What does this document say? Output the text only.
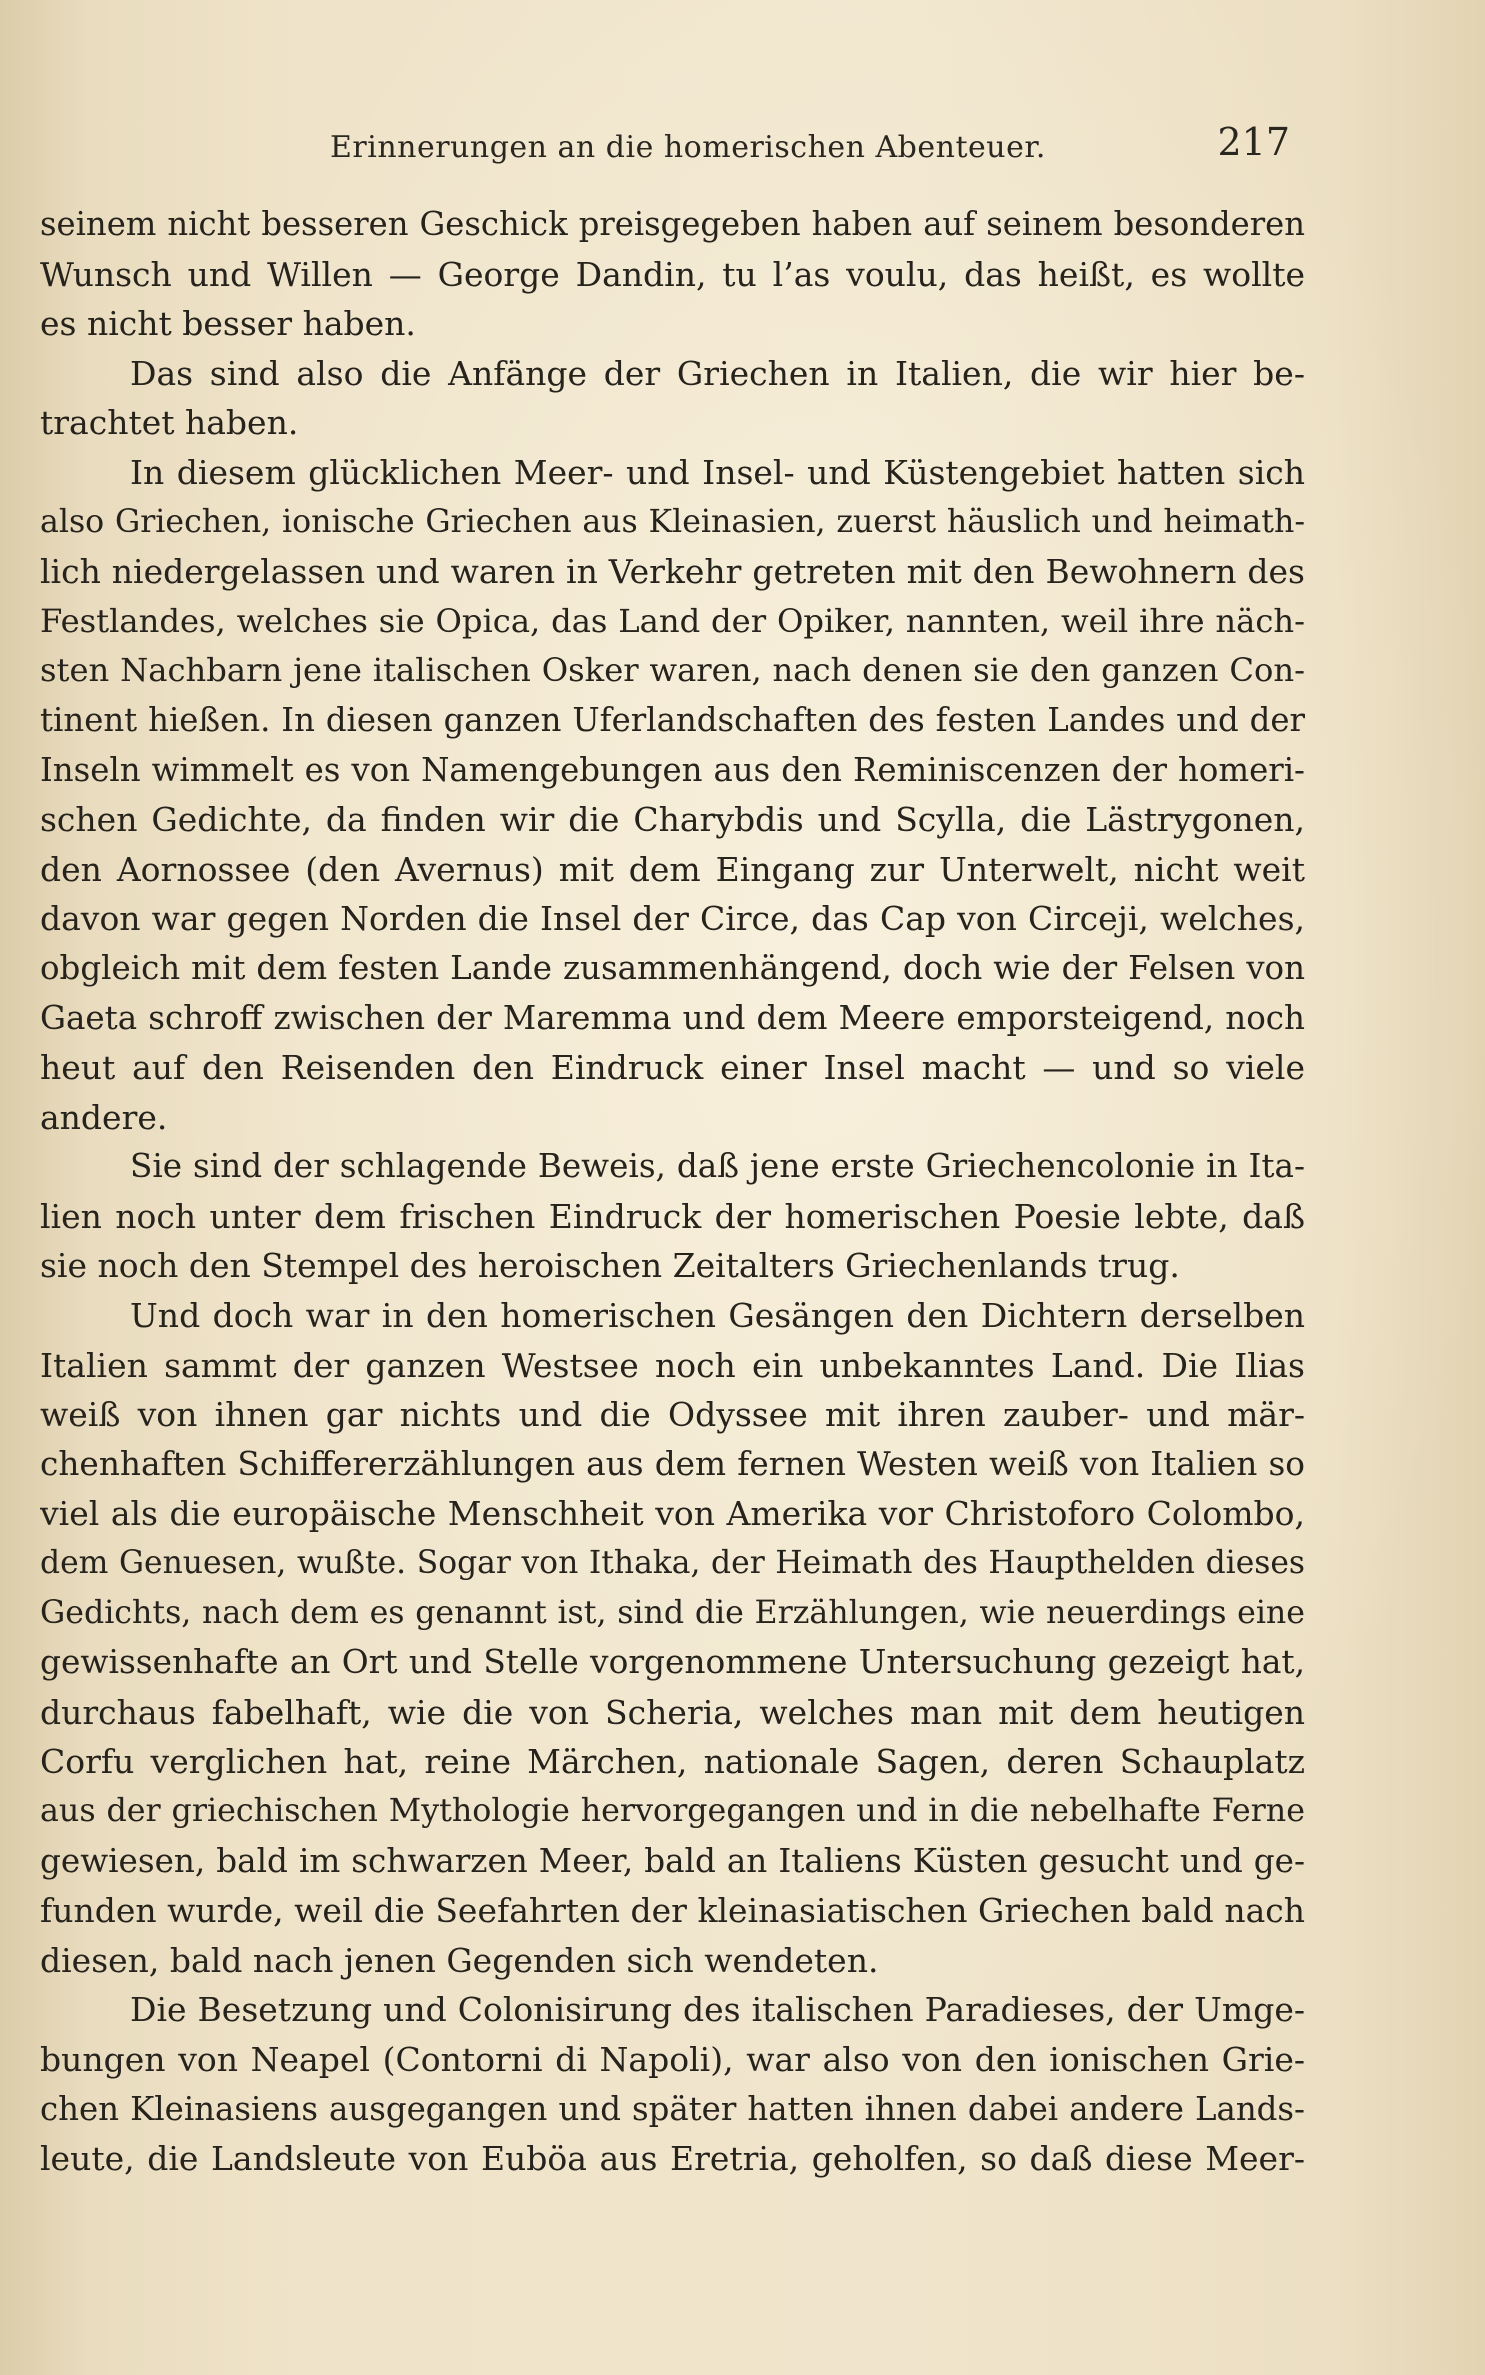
Erinnerungen an die homerischen Abenteuer.	217
seinem nicht besseren Geschick preisgegeben haben auf seinem besonderen
Wunsch und Willen — George Dandin, tu l’as voulu, das heißt, es wollte
es nicht besser haben.
Das sind also die Anfänge der Griechen in Italien, die wir hier be-
trachtet haben.
In diesem glücklichen Meer- und Insel- und Küstengebiet hatten sich
also Griechen, ionische Griechen aus Kleinasien, zuerst häuslich und heimath-
lich niedergelassen und waren in Verkehr getreten mit den Bewohnern des
Festlandes, welches sie Opica, das Land der Opiker, nannten, weil ihre näch-
sten Nachbarn jene italischen Osker waren, nach denen sie den ganzen Con-
tinent hießen. In diesen ganzen Uferlandschaften des festen Landes und der
Inseln wimmelt es von Namengebungen aus den Reminiscenzen der homeri-
schen Gedichte, da finden wir die Charybdis und Scylla, die Lästrygonen,
den Aornossee (den Avernus) mit dem Eingang zur Unterwelt, nicht weit
davon war gegen Norden die Insel der Circe, das Cap von Circeji, welches,
obgleich mit dem festen Lande zusammenhängend, doch wie der Felsen von
Gaeta schroff zwischen der Maremma und dem Meere emporsteigend, noch
heut auf den Reisenden den Eindruck einer Insel macht — und so viele
andere.
Sie sind der schlagende Beweis, daß jene erste Griechencolonie in Ita-
lien noch unter dem frischen Eindruck der homerischen Poesie lebte, daß
sie noch den Stempel des heroischen Zeitalters Griechenlands trug.
Und doch war in den homerischen Gesängen den Dichtern derselben
Italien sammt der ganzen Westsee noch ein unbekanntes Land. Die Ilias
weiß von ihnen gar nichts und die Odyssee mit ihren zauber- und mär-
chenhaften Schiffererzählungen aus dem fernen Westen weiß von Italien so
viel als die europäische Menschheit von Amerika vor Christoforo Colombo,
dem Genuesen, wußte. Sogar von Ithaka, der Heimath des Haupthelden dieses
Gedichts, nach dem es genannt ist, sind die Erzählungen, wie neuerdings eine
gewissenhafte an Ort und Stelle vorgenommene Untersuchung gezeigt hat,
durchaus fabelhaft, wie die von Scheria, welches man mit dem heutigen
Corfu verglichen hat, reine Märchen, nationale Sagen, deren Schauplatz
aus der griechischen Mythologie hervorgegangen und in die nebelhafte Ferne
gewiesen, bald im schwarzen Meer, bald an Italiens Küsten gesucht und ge-
funden wurde, weil die Seefahrten der kleinasiatischen Griechen bald nach
diesen, bald nach jenen Gegenden sich wendeten.
Die Besetzung und Colonisirung des italischen Paradieses, der Umge-
bungen von Neapel (Contorni di Napoli), war also von den ionischen Grie-
chen Kleinasiens ausgegangen und später hatten ihnen dabei andere Lands-
leute, die Landsleute von Euböa aus Eretria, geholfen, so daß diese Meer-
